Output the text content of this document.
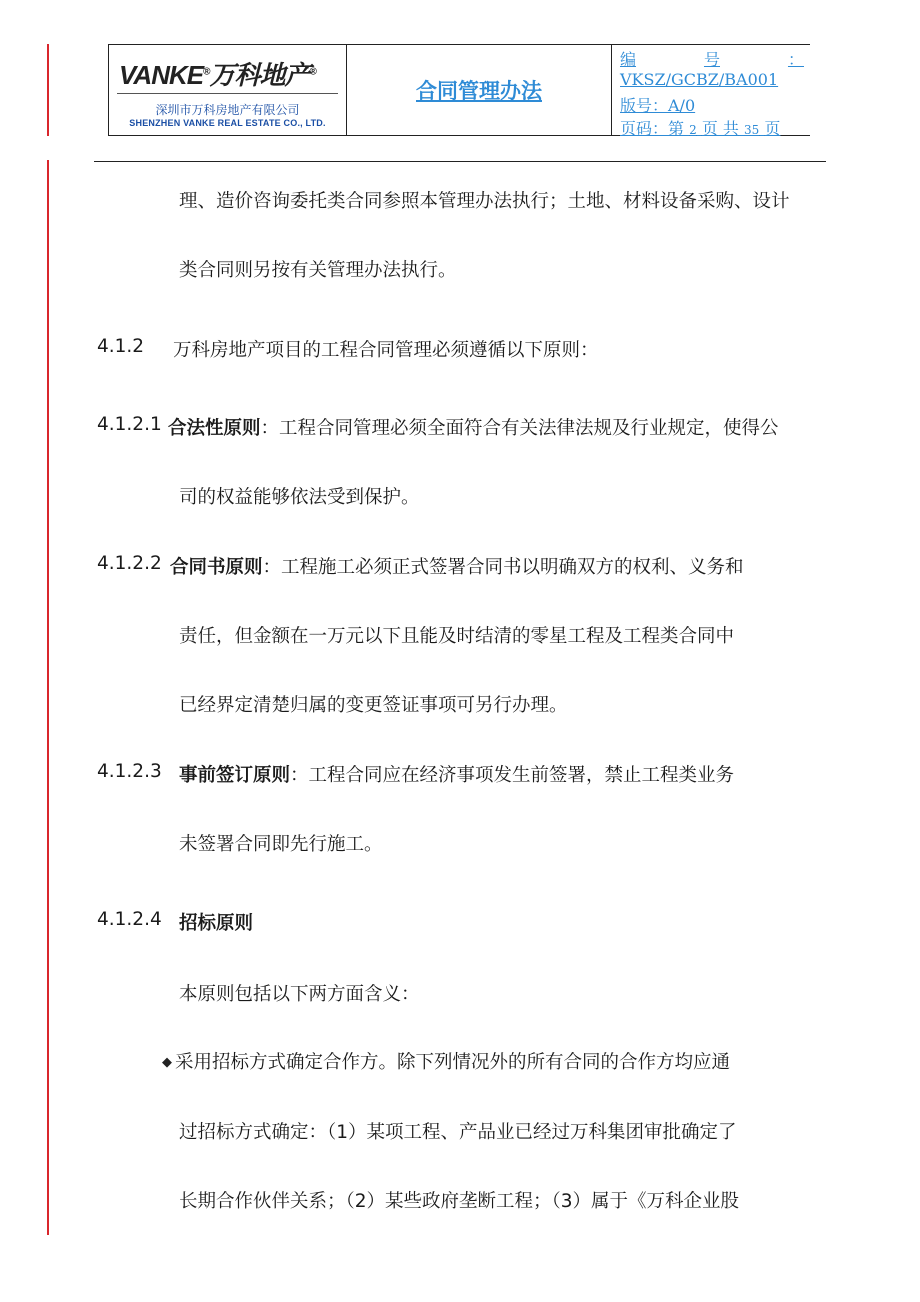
VANKE®万科地产®
深圳市万科房地产有限公司
SHENZHEN VANKE REAL ESTATE CO., LTD.
合同管理办法
编	号	：
VKSZ/GCBZ/BA001
版号：A/0
页码：第 2 页 共 35 页
理、造价咨询委托类合同参照本管理办法执行；土地、材料设备采购、设计
类合同则另按有关管理办法执行。
4.1.2 万科房地产项目的工程合同管理必须遵循以下原则：
4.1.2.1 合法性原则：工程合同管理必须全面符合有关法律法规及行业规定，使得公
司的权益能够依法受到保护。
4.1.2.2 合同书原则：工程施工必须正式签署合同书以明确双方的权利、义务和
责任，但金额在一万元以下且能及时结清的零星工程及工程类合同中
已经界定清楚归属的变更签证事项可另行办理。
4.1.2.3 事前签订原则：工程合同应在经济事项发生前签署，禁止工程类业务
未签署合同即先行施工。
4.1.2.4 招标原则
本原则包括以下两方面含义：
◆ 采用招标方式确定合作方。除下列情况外的所有合同的合作方均应通
过招标方式确定：（1）某项工程、产品业已经过万科集团审批确定了
长期合作伙伴关系；（2）某些政府垄断工程；（3）属于《万科企业股
